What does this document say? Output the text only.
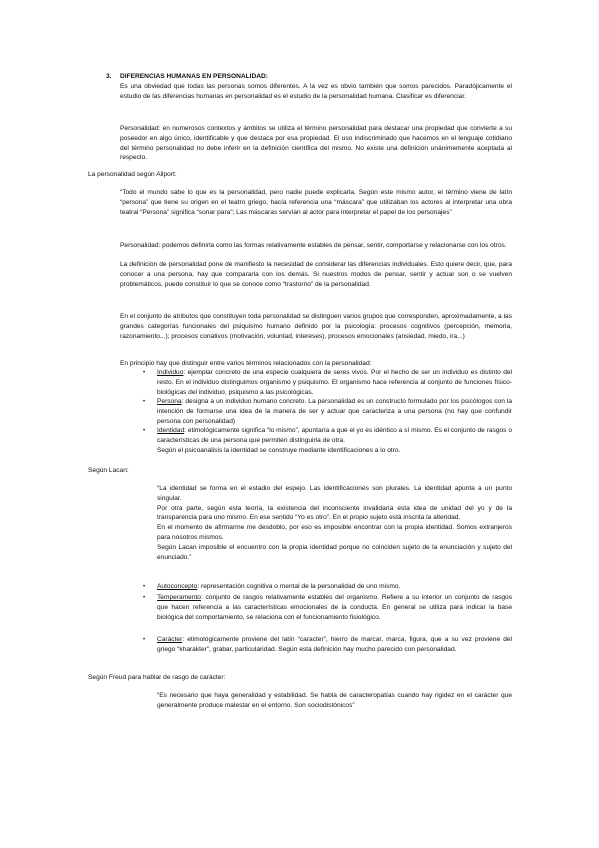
3. DIFERENCIAS HUMANAS EN PERSONALIDAD:

Es una obviedad que todas las personas somos diferentes. A la vez es obvio también que somos parecidos. Paradójicamente el estudio de las diferencias humanas en personalidad es el estudio de la personalidad humana. Clasificar es diferenciar.

Personalidad: en numerosos contextos y ámbitos se utiliza el término personalidad para destacar una propiedad que convierte a su poseedor en algo único, identificable y que destaca por esa propiedad. El uso indiscriminado que hacemos en el lenguaje cotidiano del término personalidad no debe inferir en la definición científica del mismo. No existe una definición unánimemente aceptada al respecto.

La personalidad según Allport:

“Todo el mundo sabe lo que es la personalidad, pero nadie puede explicarla. Según este mismo autor, el término viene de latín “persona” que tiene su origen en el teatro griego, hacía referencia una “máscara” que utilizaban los actores al interpretar una obra teatral “Persona” significa “sonar para”; Las máscaras servían al actor para interpretar el papel de los personajes”

Personalidad: podemos definirla como las formas relativamente estables de pensar, sentir, comportarse y relacionarse con los otros.

La definición de personalidad pone de manifiesto la necesidad de considerar las diferencias individuales. Esto quiere decir, que, para conocer a una persona, hay que compararla con los demás. Si nuestros modos de pensar, sentir y actuar son o se vuelven problemáticos, puede constituir lo que se conoce como “trastorno” de la personalidad.

En el conjunto de atributos que constituyen toda personalidad se distinguen varios grupos que corresponden, aproximadamente, a las grandes categorías funcionales del psiquismo humano definido por la psicología: procesos cognitivos (percepción, memoria, razonamiento...); procesos conativos (motivación, voluntad, intereses), procesos emocionales (ansiedad, miedo, ira...)

En principio hay que distinguir entre varios términos relacionados con la personalidad:

• Individuo: ejemplar concreto de una especie cualquiera de seres vivos. Por el hecho de ser un individuo es distinto del resto. En el individuo distinguimos organismo y psiquismo. El organismo hace referencia al conjunto de funciones físico-biológicas del individuo, psiquismo a las psicológicas.

• Persona: designa a un individuo humano concreto. La personalidad es un constructo formulado por los psicólogos con la intención de formarse una idea de la manera de ser y actuar que caracteriza a una persona (no hay que confundir persona con personalidad)

• Identidad: etimológicamente significa “lo mismo”, apuntaría a que el yo es idéntico a sí mismo. Es el conjunto de rasgos o características de una persona que permiten distinguirla de otra.
Según el psicoanálisis la identidad se construye mediante identificaciones a lo otro.

Según Lacan:

“La identidad se forma en el estadio del espejo. Las identificaciones son plurales. La identidad apunta a un punto singular.
Por otra parte, según esta teoría, la existencia del inconsciente invalidaría esta idea de unidad del yo y de la transparencia para uno mismo. En ese sentido “Yo es otro”. En el propio sujeto está inscrita la alteridad.
En el momento de afirmarme me desdoblo, por eso es imposible encontrar con la propia identidad. Somos extranjeros para nosotros mismos.
Según Lacan imposible el encuentro con la propia identidad porque no coinciden sujeto de la enunciación y sujeto del enunciado.”

• Autoconcepto: representación cognitiva o mental de la personalidad de uno mismo.

• Temperamento: conjunto de rasgos relativamente estables del organismo. Refiere a su interior un conjunto de rasgos que hacen referencia a las características emocionales de la conducta. En general se utiliza para indicar la base biológica del comportamiento, se relaciona con el funcionamiento fisiológico.

• Carácter: etimológicamente proviene del latín “caracter”, hierro de marcar, marca, figura, que a su vez proviene del griego “kharakter”, grabar, particularidad. Según esta definición hay mucho parecido con personalidad.

Según Freud para hablar de rasgo de carácter:

“Es necesario que haya generalidad y estabilidad. Se habla de caracteropatías cuando hay rigidez en el carácter que generalmente produce malestar en el entorno. Son sociodistónicos”
